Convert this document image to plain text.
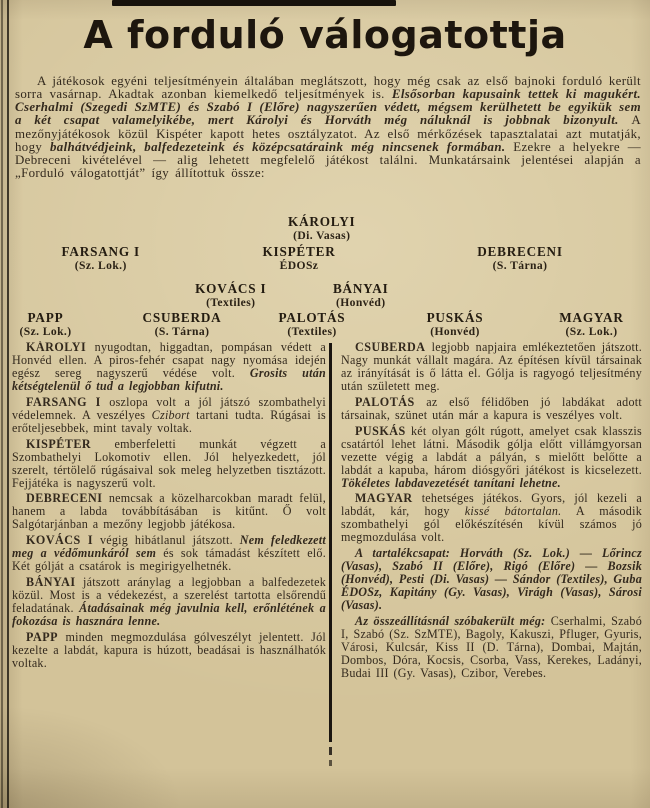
A forduló válogatottja

A játékosok egyéni teljesítményein általában meglátszott, hogy még csak az első bajnoki forduló került sorra vasárnap. Akadtak azonban kiemelkedő teljesítmények is. Elsősorban kapusaink tettek ki magukért. Cserhalmi (Szegedi SzMTE) és Szabó I (Előre) nagyszerűen védett, mégsem kerülhetett be egyikük sem a két csapat valamelyikébe, mert Károlyi és Horváth még náluknál is jobbnak bizonyult. A mezőnyjátékosok közül Kispéter kapott hetes osztályzatot. Az első mérkőzések tapasztalatai azt mutatják, hogy balhátvédjeink, balfedezeteink és középcsatáraink még nincsenek formában. Ezekre a helyekre — Debreceni kivételével — alig lehetett megfelelő játékost találni. Munkatársaink jelentései alapján a „Forduló válogatottját” így állítottuk össze:

KÁROLYI
(Di. Vasas)
FARSANG I
(Sz. Lok.)
KISPÉTER
ÉDOSz
DEBRECENI
(S. Tárna)
KOVÁCS I
(Textiles)
BÁNYAI
(Honvéd)
PAPP
(Sz. Lok.)
CSUBERDA
(S. Tárna)
PALOTÁS
(Textiles)
PUSKÁS
(Honvéd)
MAGYAR
(Sz. Lok.)

KÁROLYI nyugodtan, higgadtan, pompásan védett a Honvéd ellen. A piros-fehér csapat nagy nyomása idején egész sereg nagyszerű védése volt. Grosits után kétségtelenül ő tud a legjobban kifutni.

FARSANG I oszlopa volt a jól játszó szombathelyi védelemnek. A veszélyes Czibort tartani tudta. Rúgásai is erőteljesebbek, mint tavaly voltak.

KISPÉTER emberfeletti munkát végzett a Szombathelyi Lokomotiv ellen. Jól helyezkedett, jól szerelt, tértölelő rúgásaival sok meleg helyzetben tisztázott. Fejjátéka is nagyszerű volt.

DEBRECENI nemcsak a közelharcokban maradt felül, hanem a labda továbbításában is kitűnt. Ő volt Salgótarjánban a mezőny legjobb játékosa.

KOVÁCS I végig hibátlanul játszott. Nem feledkezett meg a védőmunkáról sem és sok támadást készített elő. Két gólját a csatárok is megirigyelhetnék.

BÁNYAI játszott aránylag a legjobban a balfedezetek közül. Most is a védekezést, a szerelést tartotta elsőrendű feladatának. Átadásainak még javulnia kell, erőnlétének a fokozása is hasznára lenne.

PAPP minden megmozdulása gólveszélyt jelentett. Jól kezelte a labdát, kapura is húzott, beadásai is használhatók voltak.

CSUBERDA legjobb napjaira emlékeztetően játszott. Nagy munkát vállalt magára. Az építésen kívül társainak az irányítását is ő látta el. Gólja is ragyogó teljesítmény után született meg.

PALOTÁS az első félidőben jó labdákat adott társainak, szünet után már a kapura is veszélyes volt.

PUSKÁS két olyan gólt rúgott, amelyet csak klasszis csatártól lehet látni. Második gólja előtt villámgyorsan vezette végig a labdát a pályán, s mielőtt belőtte a labdát a kapuba, három diósgyőri játékost is kicselezett. Tökéletes labdavezetését tanítani lehetne.

MAGYAR tehetséges játékos. Gyors, jól kezeli a labdát, kár, hogy kissé bátortalan. A második szombathelyi gól előkészítésén kívül számos jó megmozdulása volt.

A tartalékcsapat: Horváth (Sz. Lok.) — Lőrincz (Vasas), Szabó II (Előre), Rigó (Előre) — Bozsik (Honvéd), Pesti (Di. Vasas) — Sándor (Textiles), Guba ÉDOSz, Kapitány (Gy. Vasas), Virágh (Vasas), Sárosi (Vasas).

Az összeállításnál szóbakerült még: Cserhalmi, Szabó I, Szabó (Sz. SzMTE), Bagoly, Kakuszi, Pfluger, Gyuris, Városi, Kulcsár, Kiss II (D. Tárna), Dombai, Majtán, Dombos, Dóra, Kocsis, Csorba, Vass, Kerekes, Ladányi, Budai III (Gy. Vasas), Czibor, Verebes.
